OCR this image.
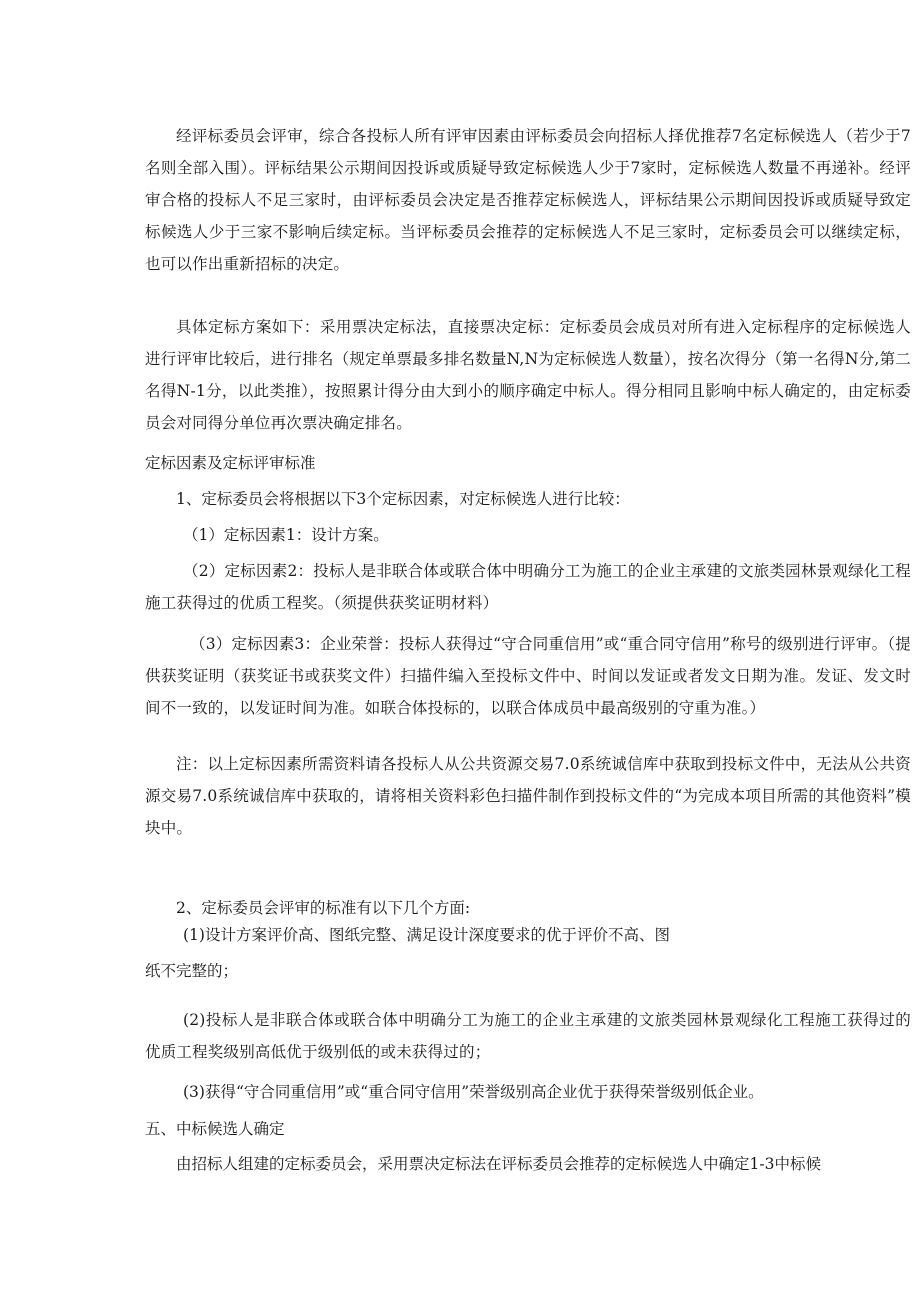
经评标委员会评审，综合各投标人所有评审因素由评标委员会向招标人择优推荐7名定标候选人（若少于7名则全部入围）。评标结果公示期间因投诉或质疑导致定标候选人少于7家时，定标候选人数量不再递补。经评审合格的投标人不足三家时，由评标委员会决定是否推荐定标候选人，评标结果公示期间因投诉或质疑导致定标候选人少于三家不影响后续定标。当评标委员会推荐的定标候选人不足三家时，定标委员会可以继续定标，也可以作出重新招标的决定。

具体定标方案如下：采用票决定标法，直接票决定标：定标委员会成员对所有进入定标程序的定标候选人进行评审比较后，进行排名（规定单票最多排名数量N,N为定标候选人数量），按名次得分（第一名得N分,第二名得N-1分，以此类推），按照累计得分由大到小的顺序确定中标人。得分相同且影响中标人确定的，由定标委员会对同得分单位再次票决确定排名。

定标因素及定标评审标准

1、定标委员会将根据以下3个定标因素，对定标候选人进行比较：

（1）定标因素1：设计方案。

（2）定标因素2：投标人是非联合体或联合体中明确分工为施工的企业主承建的文旅类园林景观绿化工程施工获得过的优质工程奖。（须提供获奖证明材料）

（3）定标因素3：企业荣誉：投标人获得过“守合同重信用”或“重合同守信用”称号的级别进行评审。（提供获奖证明（获奖证书或获奖文件）扫描件编入至投标文件中、时间以发证或者发文日期为准。发证、发文时间不一致的，以发证时间为准。如联合体投标的，以联合体成员中最高级别的守重为准。）

注：以上定标因素所需资料请各投标人从公共资源交易7.0系统诚信库中获取到投标文件中，无法从公共资源交易7.0系统诚信库中获取的，请将相关资料彩色扫描件制作到投标文件的“为完成本项目所需的其他资料”模块中。

2、定标委员会评审的标准有以下几个方面:

(1)设计方案评价高、图纸完整、满足设计深度要求的优于评价不高、图

纸不完整的；

(2)投标人是非联合体或联合体中明确分工为施工的企业主承建的文旅类园林景观绿化工程施工获得过的优质工程奖级别高低优于级别低的或未获得过的；

(3)获得“守合同重信用”或“重合同守信用”荣誉级别高企业优于获得荣誉级别低企业。

五、中标候选人确定

由招标人组建的定标委员会，采用票决定标法在评标委员会推荐的定标候选人中确定1-3中标候
